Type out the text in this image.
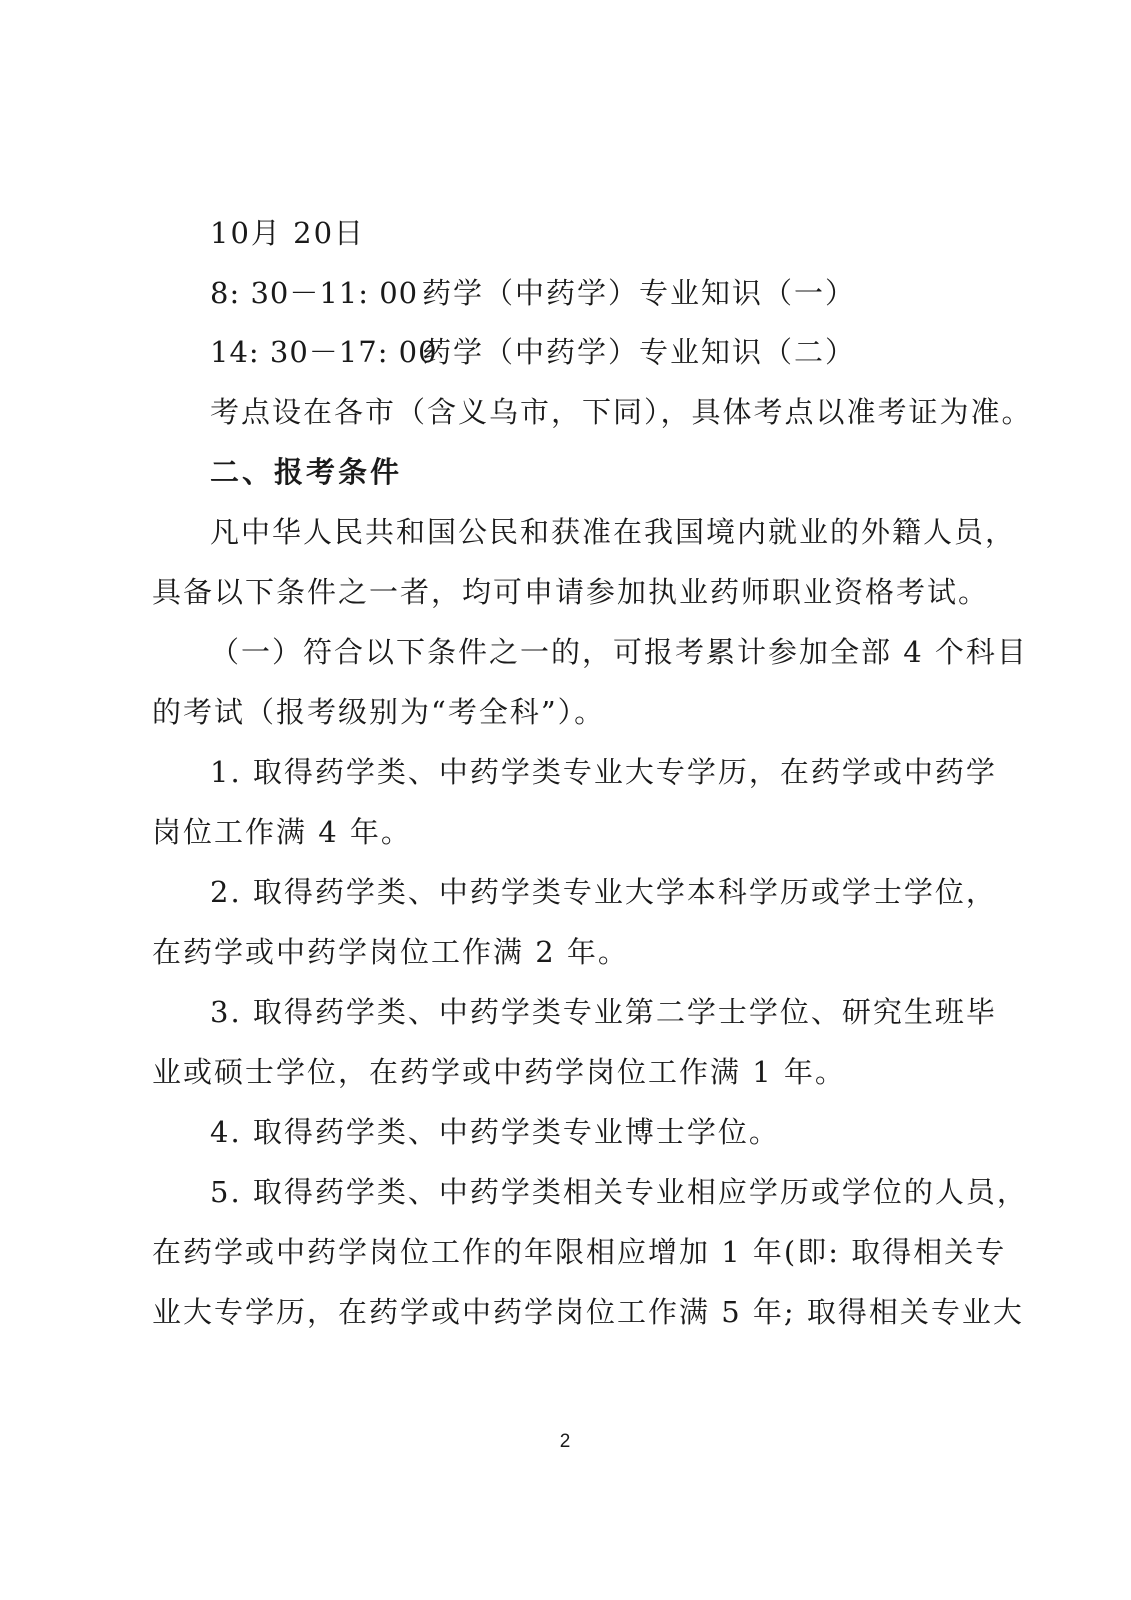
10月 20日
8: 30－11: 00 药学（中药学）专业知识（一）
14: 30－17: 00药学（中药学）专业知识（二）
考点设在各市（含义乌市，下同），具体考点以准考证为准。
二、报考条件
凡中华人民共和国公民和获准在我国境内就业的外籍人员，
具备以下条件之一者，均可申请参加执业药师职业资格考试。
（一）符合以下条件之一的，可报考累计参加全部 4 个科目
的考试（报考级别为“考全科”）。
1. 取得药学类、中药学类专业大专学历，在药学或中药学
岗位工作满 4 年。
2. 取得药学类、中药学类专业大学本科学历或学士学位，
在药学或中药学岗位工作满 2 年。
3. 取得药学类、中药学类专业第二学士学位、研究生班毕
业或硕士学位，在药学或中药学岗位工作满 1 年。
4. 取得药学类、中药学类专业博士学位。
5. 取得药学类、中药学类相关专业相应学历或学位的人员，
在药学或中药学岗位工作的年限相应增加 1 年(即: 取得相关专
业大专学历，在药学或中药学岗位工作满 5 年; 取得相关专业大
2
